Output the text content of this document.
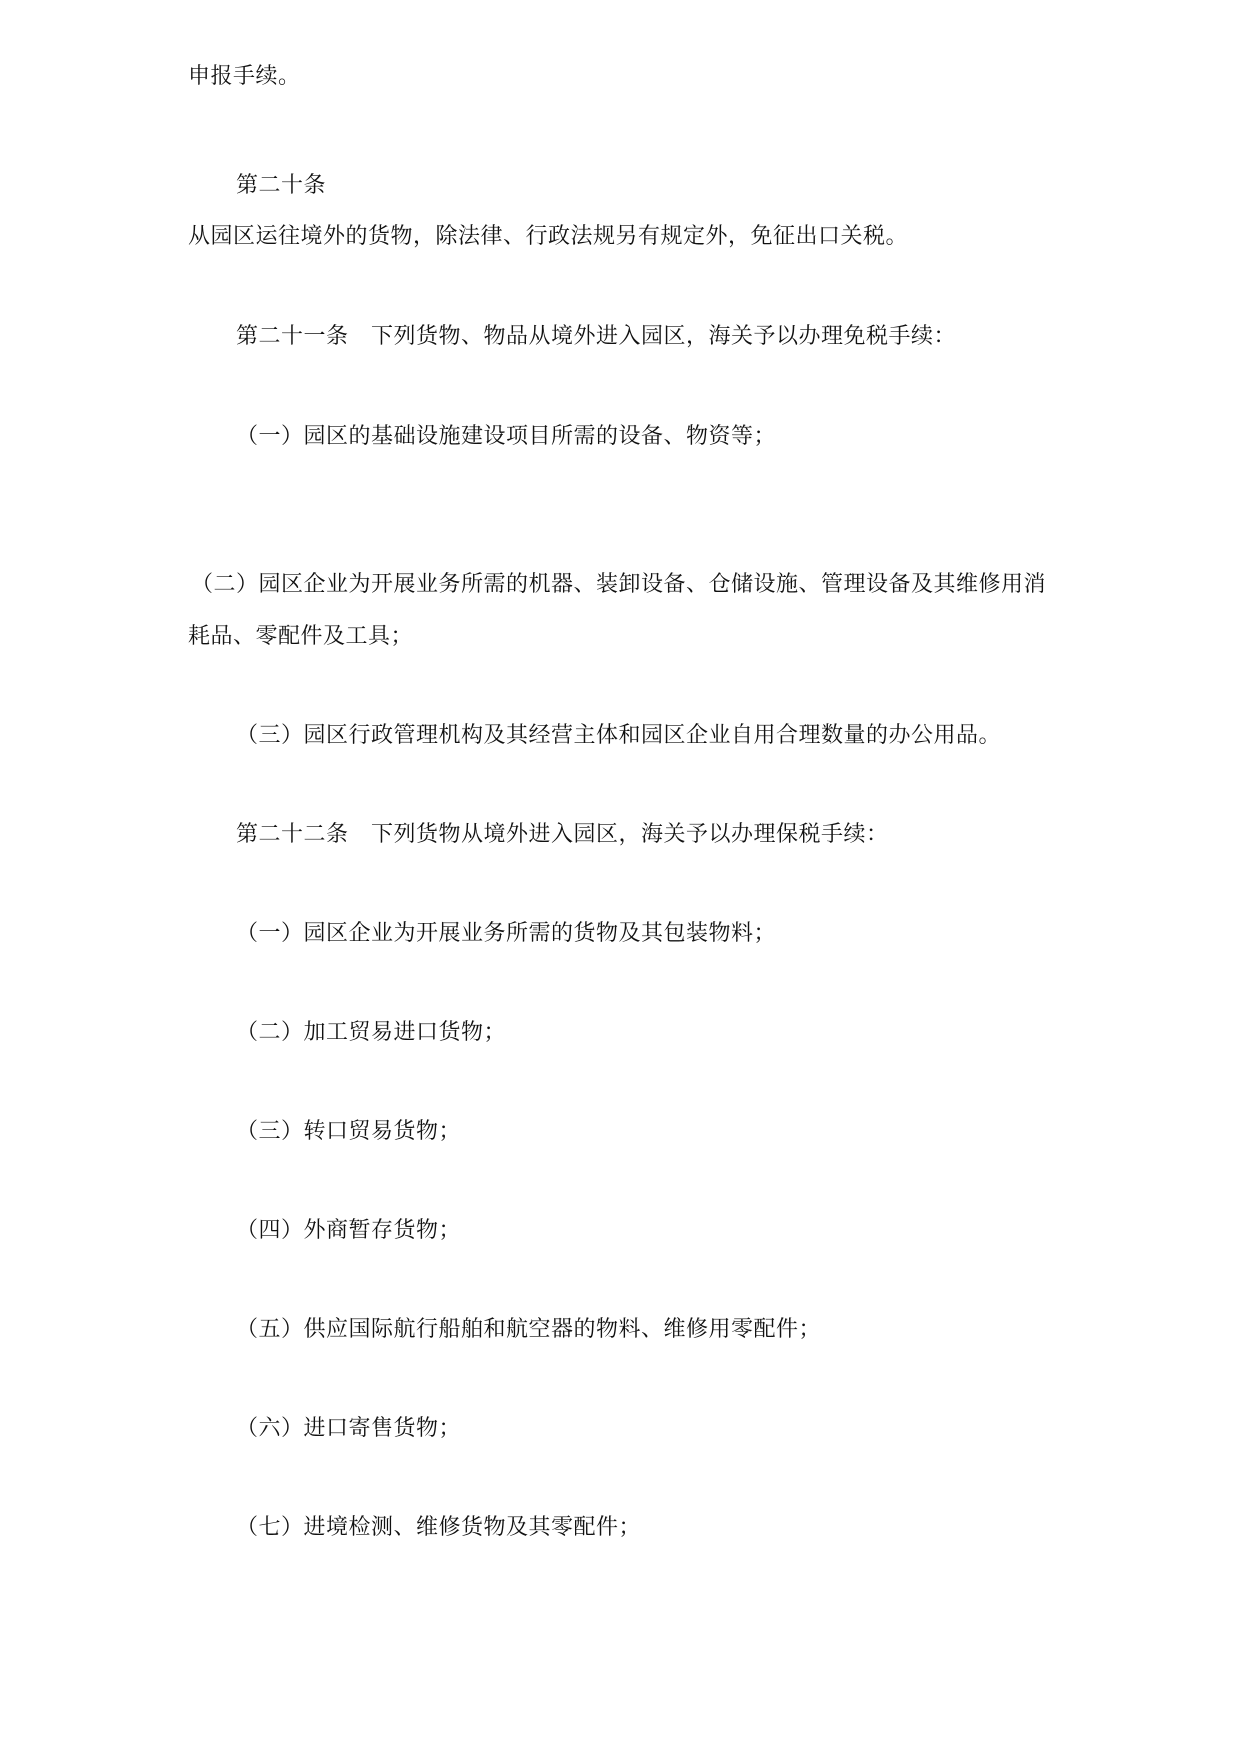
申报手续。
第二十条
从园区运往境外的货物，除法律、行政法规另有规定外，免征出口关税。
第二十一条　下列货物、物品从境外进入园区，海关予以办理免税手续：
（一）园区的基础设施建设项目所需的设备、物资等；
（二）园区企业为开展业务所需的机器、装卸设备、仓储设施、管理设备及其维修用消
耗品、零配件及工具；
（三）园区行政管理机构及其经营主体和园区企业自用合理数量的办公用品。
第二十二条　下列货物从境外进入园区，海关予以办理保税手续：
（一）园区企业为开展业务所需的货物及其包装物料；
（二）加工贸易进口货物；
（三）转口贸易货物；
（四）外商暂存货物；
（五）供应国际航行船舶和航空器的物料、维修用零配件；
（六）进口寄售货物；
（七）进境检测、维修货物及其零配件；
